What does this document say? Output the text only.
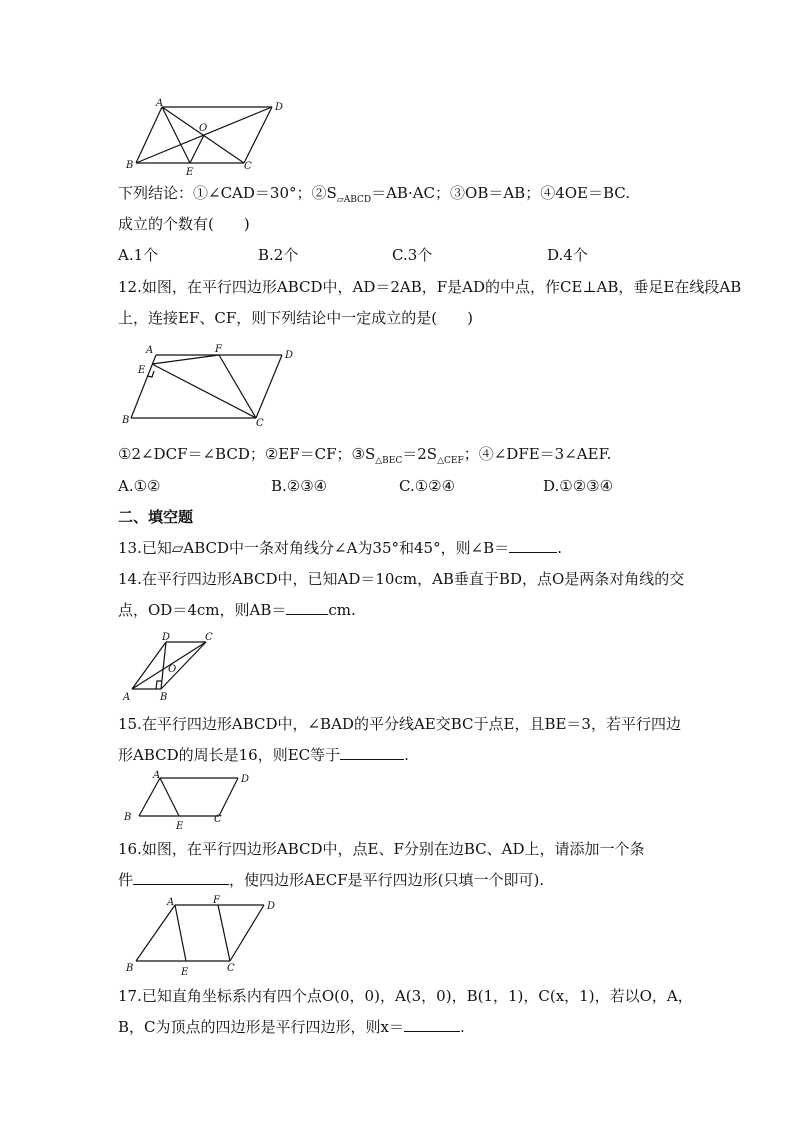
A	D
O
B
E
C
下列结论：①∠CAD＝30°；$②S_{▱ABCD}=AB\cdot AC$；③OB＝AB；④4OE＝BC.
成立的个数有(　　)
A.1个	B.2个	C.3个	D.4个
12.如图，在平行四边形ABCD中，AD＝2AB，F是AD的中点，作CE⊥AB，垂足E在线段AB
上，连接EF、CF，则下列结论中一定成立的是(　　)
A	F
D
E
B	C
①2∠DCF＝∠BCD；②EF＝CF；$③S_{\triangle BEC}=2S_{\triangle CEF}$；④∠DFE＝3∠AEF.
A.①②	B.②③④	C.①②④	D.①②③④
二、填空题
13.已知▱ABCD中一条对角线分∠A为35°和45°，则∠B＝	.
14.在平行四边形ABCD中，已知AD＝10cm，AB垂直于BD，点O是两条对角线的交
点，OD＝4cm，则AB＝	cm.
D	C
O
A	B
15.在平行四边形ABCD中，∠BAD的平分线AE交BC于点E，且BE＝3，若平行四边
形ABCD的周长是16，则EC等于	.
A	D
B
E
C
16.如图，在平行四边形ABCD中，点E、F分别在边BC、AD上，请添加一个条
件	，使四边形AECF是平行四边形(只填一个即可).
A	F
D
B	E	C
17.已知直角坐标系内有四个点O(0，0)，A(3，0)，B(1，1)，C(x，1)，若以O，A，
B，C为顶点的四边形是平行四边形，则x＝	.
